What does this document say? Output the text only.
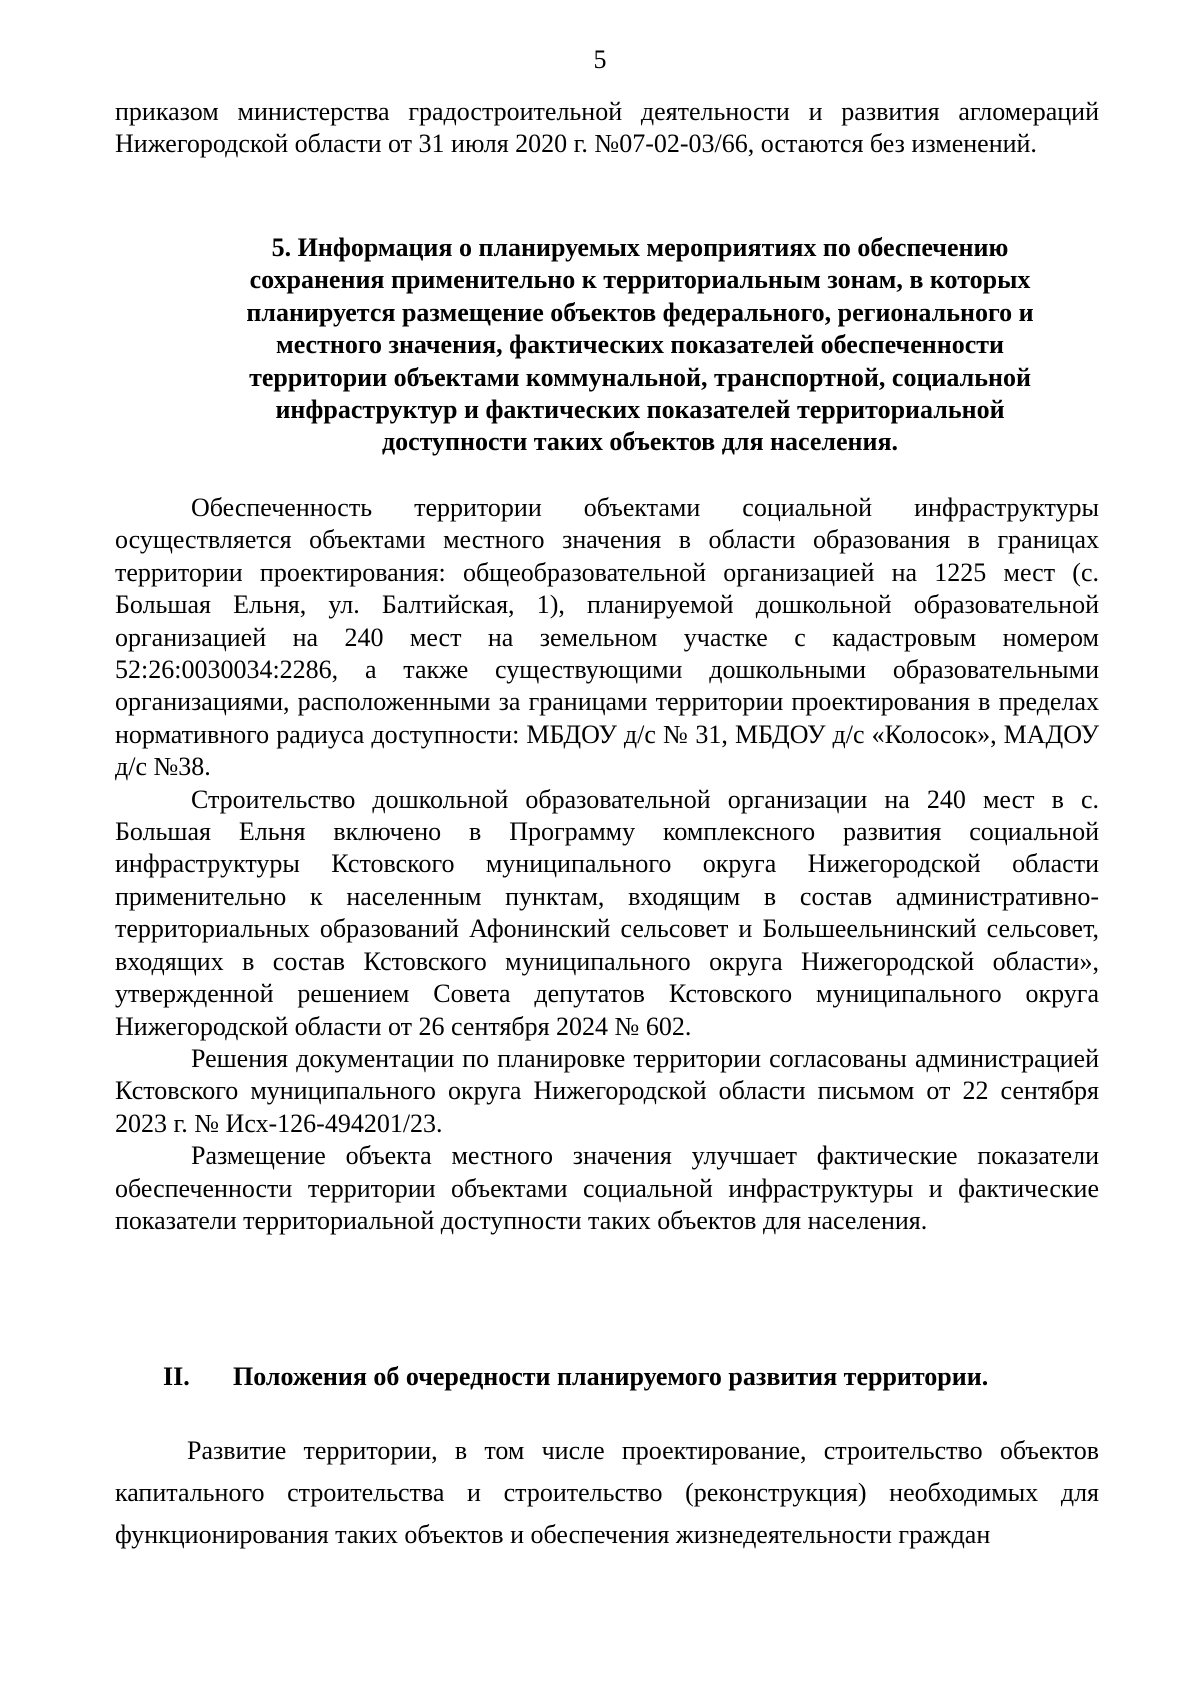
5

приказом министерства градостроительной деятельности и развития агломераций Нижегородской области от 31 июля 2020 г. №07-02-03/66, остаются без изменений.

5. Информация о планируемых мероприятиях по обеспечению
сохранения применительно к территориальным зонам, в которых
планируется размещение объектов федерального, регионального и
местного значения, фактических показателей обеспеченности
территории объектами коммунальной, транспортной, социальной
инфраструктур и фактических показателей территориальной
доступности таких объектов для населения.

Обеспеченность территории объектами социальной инфраструктуры осуществляется объектами местного значения в области образования в границах территории проектирования: общеобразовательной организацией на 1225 мест (с. Большая Ельня, ул. Балтийская, 1), планируемой дошкольной образовательной организацией на 240 мест на земельном участке с кадастровым номером 52:26:0030034:2286, а также существующими дошкольными образовательными организациями, расположенными за границами территории проектирования в пределах нормативного радиуса доступности: МБДОУ д/с № 31, МБДОУ д/с «Колосок», МАДОУ д/с №38.

Строительство дошкольной образовательной организации на 240 мест в с. Большая Ельня включено в Программу комплексного развития социальной инфраструктуры Кстовского муниципального округа Нижегородской области применительно к населенным пунктам, входящим в состав административно-территориальных образований Афонинский сельсовет и Большеельнинский сельсовет, входящих в состав Кстовского муниципального округа Нижегородской области», утвержденной решением Совета депутатов Кстовского муниципального округа Нижегородской области от 26 сентября 2024 № 602.

Решения документации по планировке территории согласованы администрацией Кстовского муниципального округа Нижегородской области письмом от 22 сентября 2023 г. № Исх-126-494201/23.

Размещение объекта местного значения улучшает фактические показатели обеспеченности территории объектами социальной инфраструктуры и фактические показатели территориальной доступности таких объектов для населения.

II. Положения об очередности планируемого развития территории.

Развитие территории, в том числе проектирование, строительство объектов капитального строительства и строительство (реконструкция) необходимых для функционирования таких объектов и обеспечения жизнедеятельности граждан
